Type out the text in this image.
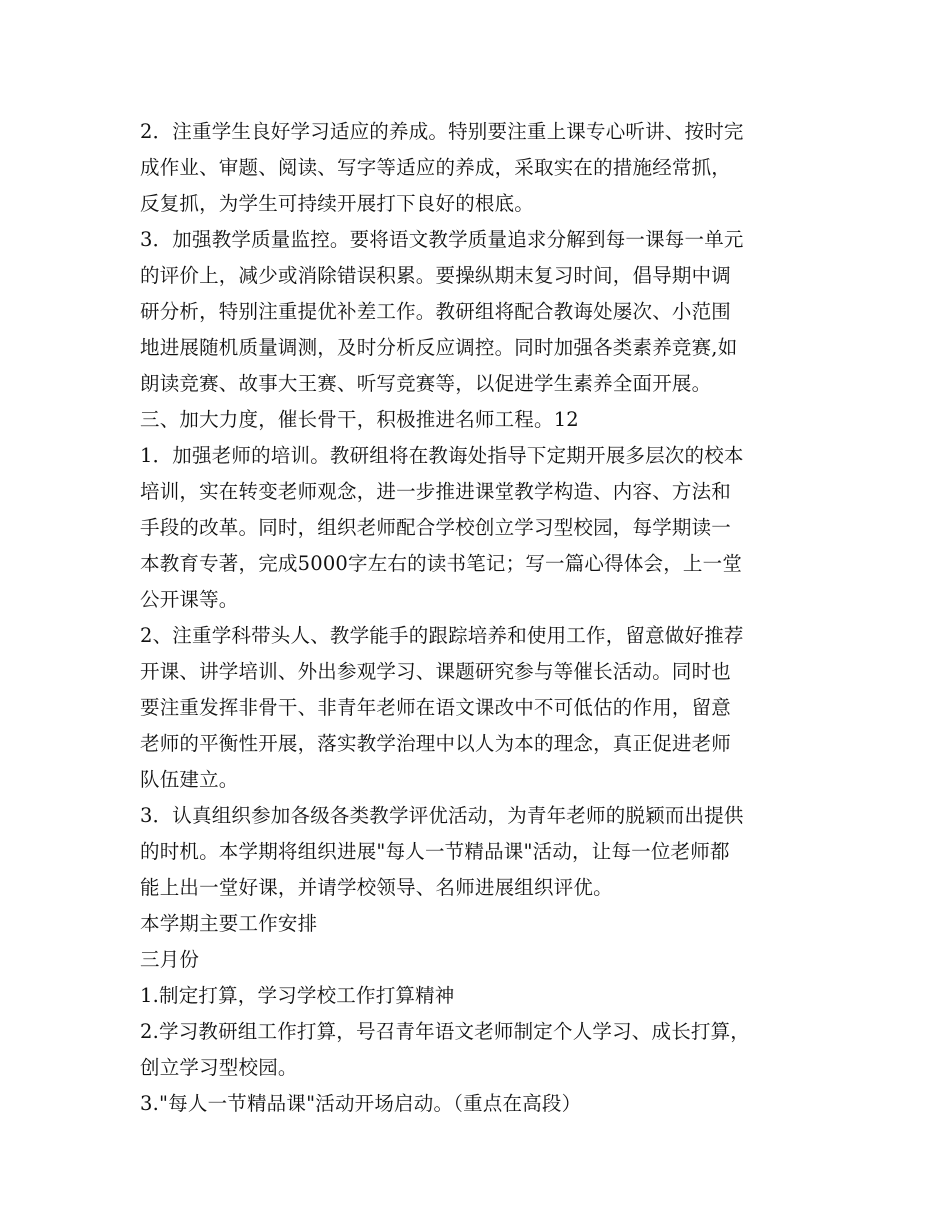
2．注重学生良好学习适应的养成。特别要注重上课专心听讲、按时完
成作业、审题、阅读、写字等适应的养成，采取实在的措施经常抓，
反复抓，为学生可持续开展打下良好的根底。
3．加强教学质量监控。要将语文教学质量追求分解到每一课每一单元
的评价上，减少或消除错误积累。要操纵期末复习时间，倡导期中调
研分析，特别注重提优补差工作。教研组将配合教诲处屡次、小范围
地进展随机质量调测，及时分析反应调控。同时加强各类素养竞赛,如
朗读竞赛、故事大王赛、听写竞赛等，以促进学生素养全面开展。
三、加大力度，催长骨干，积极推进名师工程。12
1．加强老师的培训。教研组将在教诲处指导下定期开展多层次的校本
培训，实在转变老师观念，进一步推进课堂教学构造、内容、方法和
手段的改革。同时，组织老师配合学校创立学习型校园，每学期读一
本教育专著，完成5000字左右的读书笔记；写一篇心得体会，上一堂
公开课等。
2、注重学科带头人、教学能手的跟踪培养和使用工作，留意做好推荐
开课、讲学培训、外出参观学习、课题研究参与等催长活动。同时也
要注重发挥非骨干、非青年老师在语文课改中不可低估的作用，留意
老师的平衡性开展，落实教学治理中以人为本的理念，真正促进老师
队伍建立。
3．认真组织参加各级各类教学评优活动，为青年老师的脱颖而出提供
的时机。本学期将组织进展"每人一节精品课"活动，让每一位老师都
能上出一堂好课，并请学校领导、名师进展组织评优。
本学期主要工作安排
三月份
1.制定打算，学习学校工作打算精神
2.学习教研组工作打算，号召青年语文老师制定个人学习、成长打算，
创立学习型校园。
3."每人一节精品课"活动开场启动。（重点在高段）
